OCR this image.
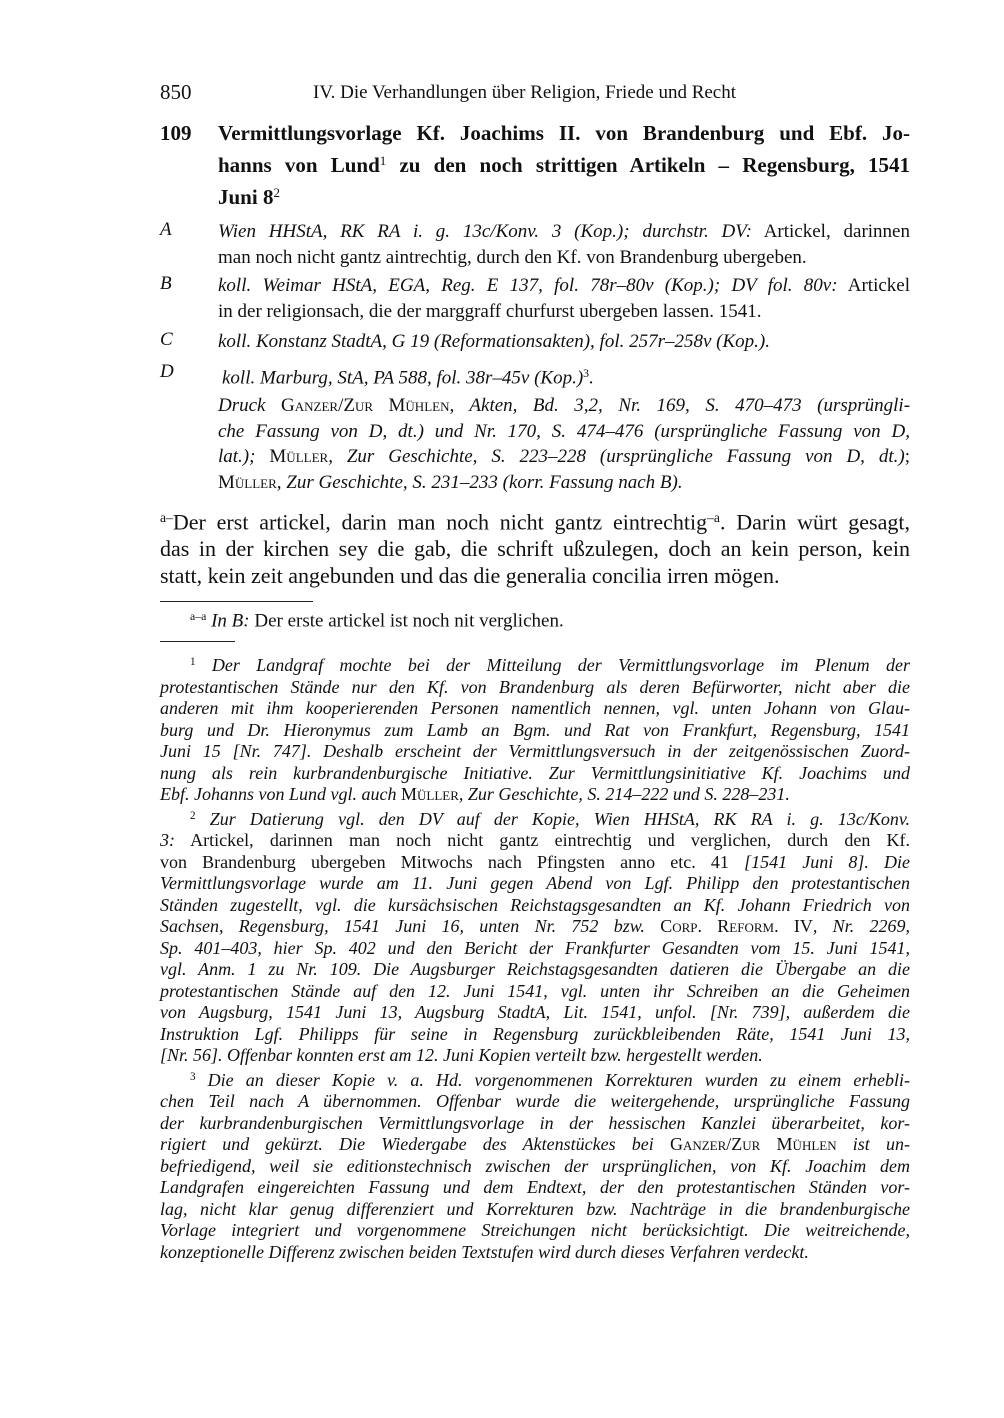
850	IV. Die Verhandlungen über Religion, Friede und Recht
109 Vermittlungsvorlage Kf. Joachims II. von Brandenburg und Ebf. Jo-
hanns von Lund$^1$ zu den noch strittigen Artikeln – Regensburg, 1541
Juni $8^2$
A Wien HHStA, RK RA i. g. 13c/Konv. 3 (Kop.); durchstr. DV: Artickel, darinnen
man noch nicht gantz aintrechtig, durch den Kf. von Brandenburg ubergeben.
B koll. Weimar HStA, EGA, Reg. E 137, fol. 78r–80v (Kop.); DV fol. 80v: Artickel
in der religionsach, die der marggraff churfurst ubergeben lassen. 1541.
C koll. Konstanz StadtA, G 19 (Reformationsakten), fol. 257r–258v (Kop.).
D	koll. Marburg, StA, PA 588, fol. 38r–45v $(Kop.)^3$.
Druck Ganzer/Zur Mühlen, Akten, Bd. 3,2, Nr. 169, S. 470–473 (ursprüngli-
che Fassung von D, dt.) und Nr. 170, S. 474–476 (ursprüngliche Fassung von D,
lat.); Müller, Zur Geschichte, S. 223–228 (ursprüngliche Fassung von D, dt.);
Müller, Zur Geschichte, S. 231–233 (korr. Fassung nach B).
$^{a-}$Der erst artickel, darin man noch nicht gantz eintrechtig$^{-a}$. Darin würt gesagt,
das in der kirchen sey die gab, die schrift ußzulegen, doch an kein person, kein
statt, kein zeit angebunden und das die generalia concilia irren mögen.
$^{a-a}$ In B: Der erste artickel ist noch nit verglichen.
$^1$ Der Landgraf mochte bei der Mitteilung der Vermittlungsvorlage im Plenum der
protestantischen Stände nur den Kf. von Brandenburg als deren Befürworter, nicht aber die
anderen mit ihm kooperierenden Personen namentlich nennen, vgl. unten Johann von Glau-
burg und Dr. Hieronymus zum Lamb an Bgm. und Rat von Frankfurt, Regensburg, 1541
Juni 15 [Nr. 747]. Deshalb erscheint der Vermittlungsversuch in der zeitgenössischen Zuord-
nung als rein kurbrandenburgische Initiative. Zur Vermittlungsinitiative Kf. Joachims und
Ebf. Johanns von Lund vgl. auch Müller, Zur Geschichte, S. 214–222 und S. 228–231.
$^2$ Zur Datierung vgl. den DV auf der Kopie, Wien HHStA, RK RA i. g. 13c/Konv.
3: Artickel, darinnen man noch nicht gantz eintrechtig und verglichen, durch den Kf.
von Brandenburg ubergeben Mitwochs nach Pfingsten anno etc. 41 [1541 Juni 8]. Die
Vermittlungsvorlage wurde am 11. Juni gegen Abend von Lgf. Philipp den protestantischen
Ständen zugestellt, vgl. die kursächsischen Reichstagsgesandten an Kf. Johann Friedrich von
Sachsen, Regensburg, 1541 Juni 16, unten Nr. 752 bzw. Corp. Reform. IV, Nr. 2269,
Sp. 401–403, hier Sp. 402 und den Bericht der Frankfurter Gesandten vom 15. Juni 1541,
vgl. Anm. 1 zu Nr. 109. Die Augsburger Reichstagsgesandten datieren die Übergabe an die
protestantischen Stände auf den 12. Juni 1541, vgl. unten ihr Schreiben an die Geheimen
von Augsburg, 1541 Juni 13, Augsburg StadtA, Lit. 1541, unfol. [Nr. 739], außerdem die
Instruktion Lgf. Philipps für seine in Regensburg zurückbleibenden Räte, 1541 Juni 13,
[Nr. 56]. Offenbar konnten erst am 12. Juni Kopien verteilt bzw. hergestellt werden.
$^3$ Die an dieser Kopie v. a. Hd. vorgenommenen Korrekturen wurden zu einem erhebli-
chen Teil nach A übernommen. Offenbar wurde die weitergehende, ursprüngliche Fassung
der kurbrandenburgischen Vermittlungsvorlage in der hessischen Kanzlei überarbeitet, kor-
rigiert und gekürzt. Die Wiedergabe des Aktenstückes bei Ganzer/Zur Mühlen ist un-
befriedigend, weil sie editionstechnisch zwischen der ursprünglichen, von Kf. Joachim dem
Landgrafen eingereichten Fassung und dem Endtext, der den protestantischen Ständen vor-
lag, nicht klar genug differenziert und Korrekturen bzw. Nachträge in die brandenburgische
Vorlage integriert und vorgenommene Streichungen nicht berücksichtigt. Die weitreichende,
konzeptionelle Differenz zwischen beiden Textstufen wird durch dieses Verfahren verdeckt.
